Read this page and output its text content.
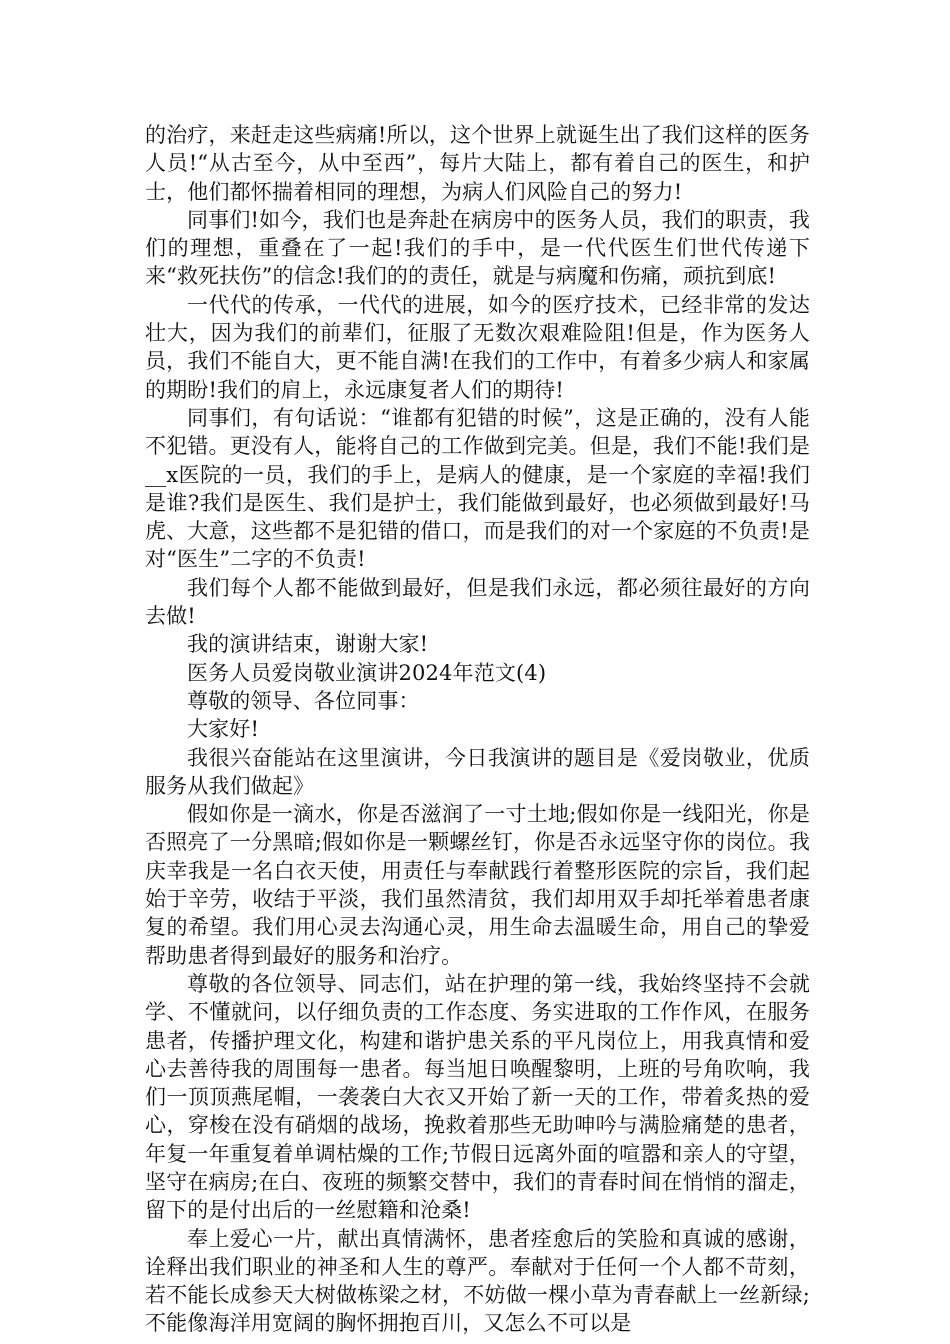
的治疗，来赶走这些病痛!所以，这个世界上就诞生出了我们这样的医务人员!“从古至今，从中至西”，每片大陆上，都有着自己的医生，和护士，他们都怀揣着相同的理想，为病人们风险自己的努力!

同事们!如今，我们也是奔赴在病房中的医务人员，我们的职责，我们的理想，重叠在了一起!我们的手中，是一代代医生们世代传递下来“救死扶伤”的信念!我们的的责任，就是与病魔和伤痛，顽抗到底!

一代代的传承，一代代的进展，如今的医疗技术，已经非常的发达壮大，因为我们的前辈们，征服了无数次艰难险阻!但是，作为医务人员，我们不能自大，更不能自满!在我们的工作中，有着多少病人和家属的期盼!我们的肩上，永远康复者人们的期待!

同事们，有句话说：“谁都有犯错的时候”，这是正确的，没有人能不犯错。更没有人，能将自己的工作做到完美。但是，我们不能!我们是__x医院的一员，我们的手上，是病人的健康，是一个家庭的幸福!我们是谁?我们是医生、我们是护士，我们能做到最好，也必须做到最好!马虎、大意，这些都不是犯错的借口，而是我们的对一个家庭的不负责!是对“医生”二字的不负责!

我们每个人都不能做到最好，但是我们永远，都必须往最好的方向去做!

我的演讲结束，谢谢大家!

医务人员爱岗敬业演讲2024年范文(4)

尊敬的领导、各位同事：

大家好!

我很兴奋能站在这里演讲，今日我演讲的题目是《爱岗敬业，优质服务从我们做起》

假如你是一滴水，你是否滋润了一寸土地;假如你是一线阳光，你是否照亮了一分黑暗;假如你是一颗螺丝钉，你是否永远坚守你的岗位。我庆幸我是一名白衣天使，用责任与奉献践行着整形医院的宗旨，我们起始于辛劳，收结于平淡，我们虽然清贫，我们却用双手却托举着患者康复的希望。我们用心灵去沟通心灵，用生命去温暖生命，用自己的挚爱帮助患者得到最好的服务和治疗。

尊敬的各位领导、同志们，站在护理的第一线，我始终坚持不会就学、不懂就问，以仔细负责的工作态度、务实进取的工作作风，在服务患者，传播护理文化，构建和谐护患关系的平凡岗位上，用我真情和爱心去善待我的周围每一患者。每当旭日唤醒黎明，上班的号角吹响，我们一顶顶燕尾帽，一袭袭白大衣又开始了新一天的工作，带着炙热的爱心，穿梭在没有硝烟的战场，挽救着那些无助呻吟与满脸痛楚的患者，年复一年重复着单调枯燥的工作;节假日远离外面的喧嚣和亲人的守望，坚守在病房;在白、夜班的频繁交替中，我们的青春时间在悄悄的溜走，留下的是付出后的一丝慰籍和沧桑!

奉上爱心一片，献出真情满怀，患者痊愈后的笑脸和真诚的感谢，诠释出我们职业的神圣和人生的尊严。奉献对于任何一个人都不苛刻，若不能长成参天大树做栋梁之材，不妨做一棵小草为青春献上一丝新绿;不能像海洋用宽阔的胸怀拥抱百川，又怎么不可以是
